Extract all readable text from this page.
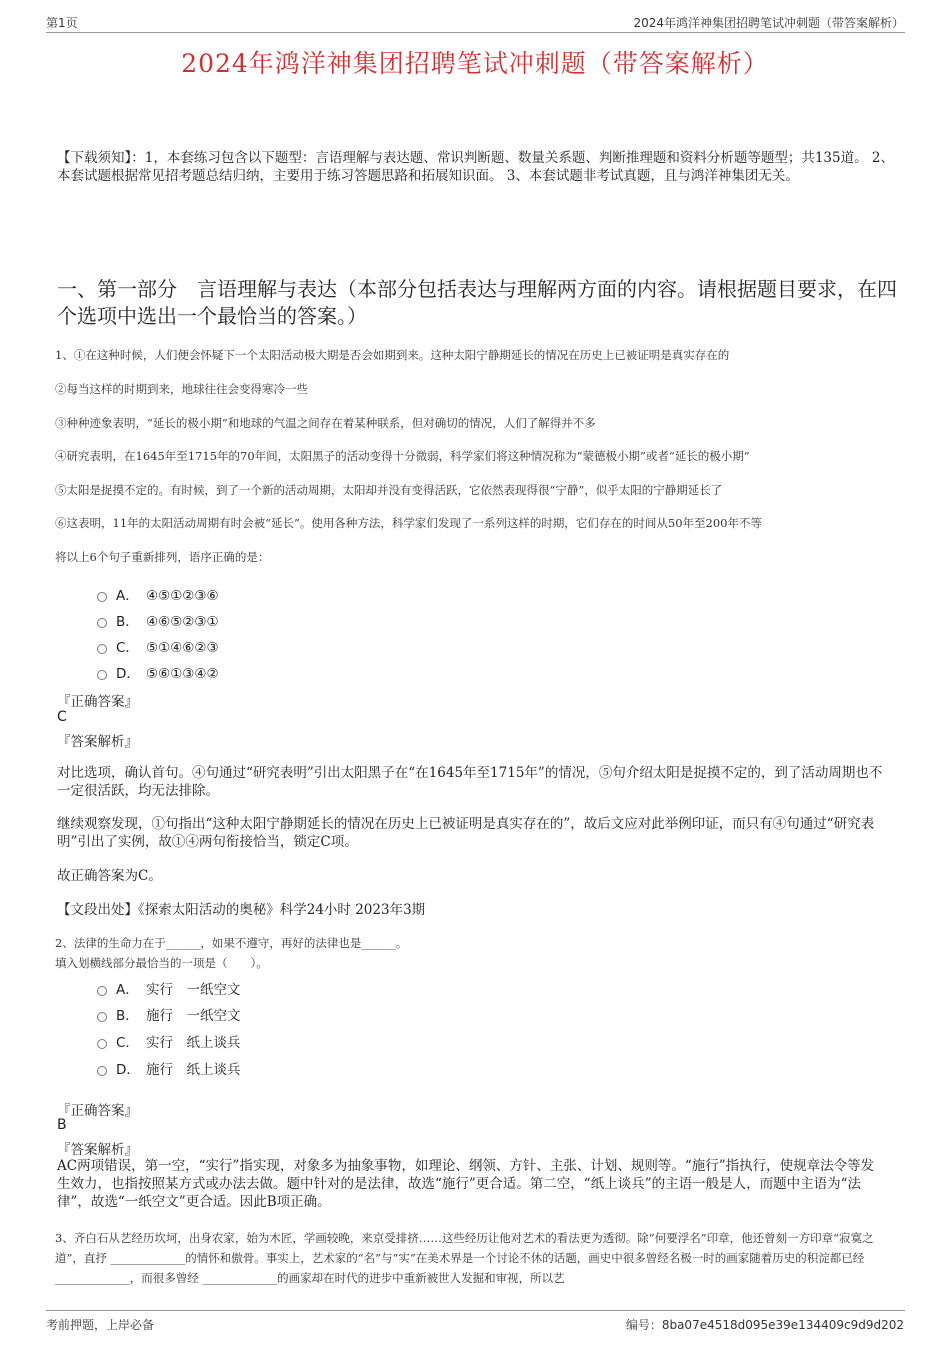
第1页	2024年鸿洋神集团招聘笔试冲刺题（带答案解析）
2024年鸿洋神集团招聘笔试冲刺题（带答案解析）
【下载须知】：1，本套练习包含以下题型：言语理解与表达题、常识判断题、数量关系题、判断推理题和资料分析题等题型；共135道。 2、本套试题根据常见招考题总结归纳，主要用于练习答题思路和拓展知识面。 3、本套试题非考试真题，且与鸿洋神集团无关。
一、第一部分　言语理解与表达（本部分包括表达与理解两方面的内容。请根据题目要求，在四个选项中选出一个最恰当的答案。）
1、①在这种时候，人们便会怀疑下一个太阳活动极大期是否会如期到来。这种太阳宁静期延长的情况在历史上已被证明是真实存在的
②每当这样的时期到来，地球往往会变得寒冷一些
③种种迹象表明，“延长的极小期”和地球的气温之间存在着某种联系，但对确切的情况，人们了解得并不多
④研究表明，在1645年至1715年的70年间，太阳黑子的活动变得十分微弱，科学家们将这种情况称为“蒙德极小期”或者“延长的极小期”
⑤太阳是捉摸不定的。有时候，到了一个新的活动周期，太阳却并没有变得活跃，它依然表现得很“宁静”，似乎太阳的宁静期延长了
⑥这表明，11年的太阳活动周期有时会被“延长”。使用各种方法，科学家们发现了一系列这样的时期，它们存在的时间从50年至200年不等
将以上6个句子重新排列，语序正确的是：
A． ④⑤①②③⑥
B． ④⑥⑤②③①
C． ⑤①④⑥②③
D． ⑤⑥①③④②
『正确答案』
C
『答案解析』
对比选项，确认首句。④句通过“研究表明”引出太阳黑子在“在1645年至1715年”的情况，⑤句介绍太阳是捉摸不定的，到了活动周期也不一定很活跃，均无法排除。
继续观察发现，①句指出“这种太阳宁静期延长的情况在历史上已被证明是真实存在的”，故后文应对此举例印证，而只有④句通过“研究表明”引出了实例，故①④两句衔接恰当，锁定C项。
故正确答案为C。
【文段出处】《探索太阳活动的奥秘》科学24小时 2023年3期
2、法律的生命力在于______，如果不遵守，再好的法律也是______。
填入划横线部分最恰当的一项是（　　）。
A． 实行　一纸空文
B． 施行　一纸空文
C． 实行　纸上谈兵
D． 施行　纸上谈兵
『正确答案』
B
『答案解析』
AC两项错误，第一空，“实行”指实现，对象多为抽象事物，如理论、纲领、方针、主张、计划、规则等。“施行”指执行，使规章法令等发生效力，也指按照某方式或办法去做。题中针对的是法律，故选“施行”更合适。第二空，“纸上谈兵”的主语一般是人，而题中主语为“法律”，故选“一纸空文”更合适。因此B项正确。
3、齐白石从艺经历坎坷，出身农家，始为木匠，学画较晚，来京受排挤……这些经历让他对艺术的看法更为透彻。除“何要浮名”印章，他还曾刻一方印章“寂寞之道”，直抒 _____________的情怀和傲骨。事实上，艺术家的“名”与“实”在美术界是一个讨论不休的话题，画史中很多曾经名极一时的画家随着历史的积淀都已经 _____________，而很多曾经 _____________的画家却在时代的进步中重新被世人发掘和审视，所以艺
考前押题，上岸必备	编号：8ba07e4518d095e39e134409c9d9d202
